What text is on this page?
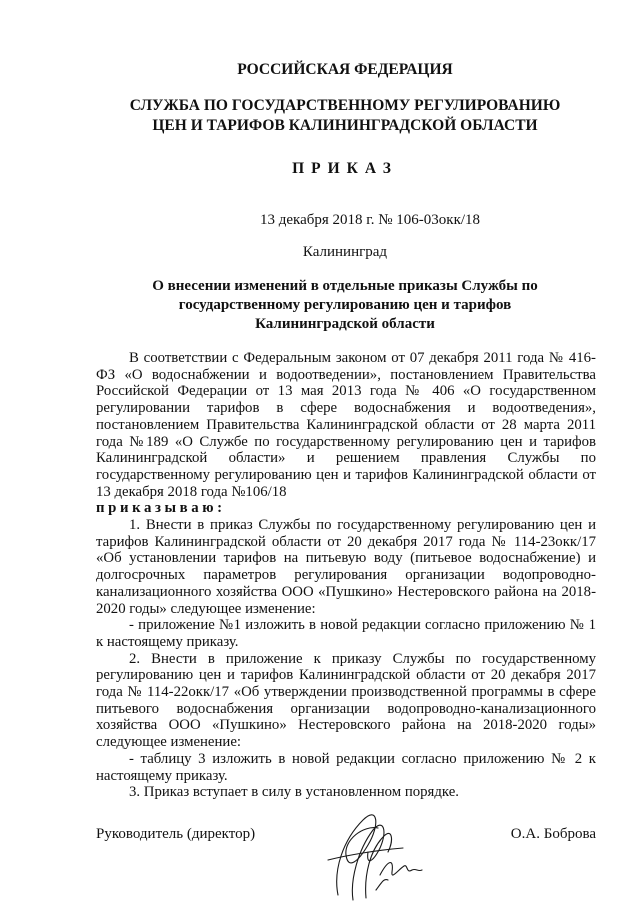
РОССИЙСКАЯ ФЕДЕРАЦИЯ
СЛУЖБА ПО ГОСУДАРСТВЕННОМУ РЕГУЛИРОВАНИЮ
ЦЕН И ТАРИФОВ КАЛИНИНГРАДСКОЙ ОБЛАСТИ
ПРИКАЗ
13 декабря 2018 г. № 106-03окк/18
Калининград
О внесении изменений в отдельные приказы Службы по
государственному регулированию цен и тарифов
Калининградской области

В соответствии с Федеральным законом от 07 декабря 2011 года № 416-ФЗ «О водоснабжении и водоотведении», постановлением Правительства Российской Федерации от 13 мая 2013 года № 406 «О государственном регулировании тарифов в сфере водоснабжения и водоотведения», постановлением Правительства Калининградской области от 28 марта 2011 года №189 «О Службе по государственному регулированию цен и тарифов Калининградской области» и решением правления Службы по государственному регулированию цен и тарифов Калининградской области от 13 декабря 2018 года №106/18

приказываю:

1. Внести в приказ Службы по государственному регулированию цен и тарифов Калининградской области от 20 декабря 2017 года № 114-23окк/17 «Об установлении тарифов на питьевую воду (питьевое водоснабжение) и долгосрочных параметров регулирования организации водопроводно-канализационного хозяйства ООО «Пушкино» Нестеровского района на 2018-2020 годы» следующее изменение:

- приложение №1 изложить в новой редакции согласно приложению № 1 к настоящему приказу.

2. Внести в приложение к приказу Службы по государственному регулированию цен и тарифов Калининградской области от 20 декабря 2017 года № 114-22окк/17 «Об утверждении производственной программы в сфере питьевого водоснабжения организации водопроводно-канализационного хозяйства ООО «Пушкино» Нестеровского района на 2018-2020 годы» следующее изменение:

- таблицу 3 изложить в новой редакции согласно приложению № 2 к настоящему приказу.

3. Приказ вступает в силу в установленном порядке.

Руководитель (директор)	О.А. Боброва
